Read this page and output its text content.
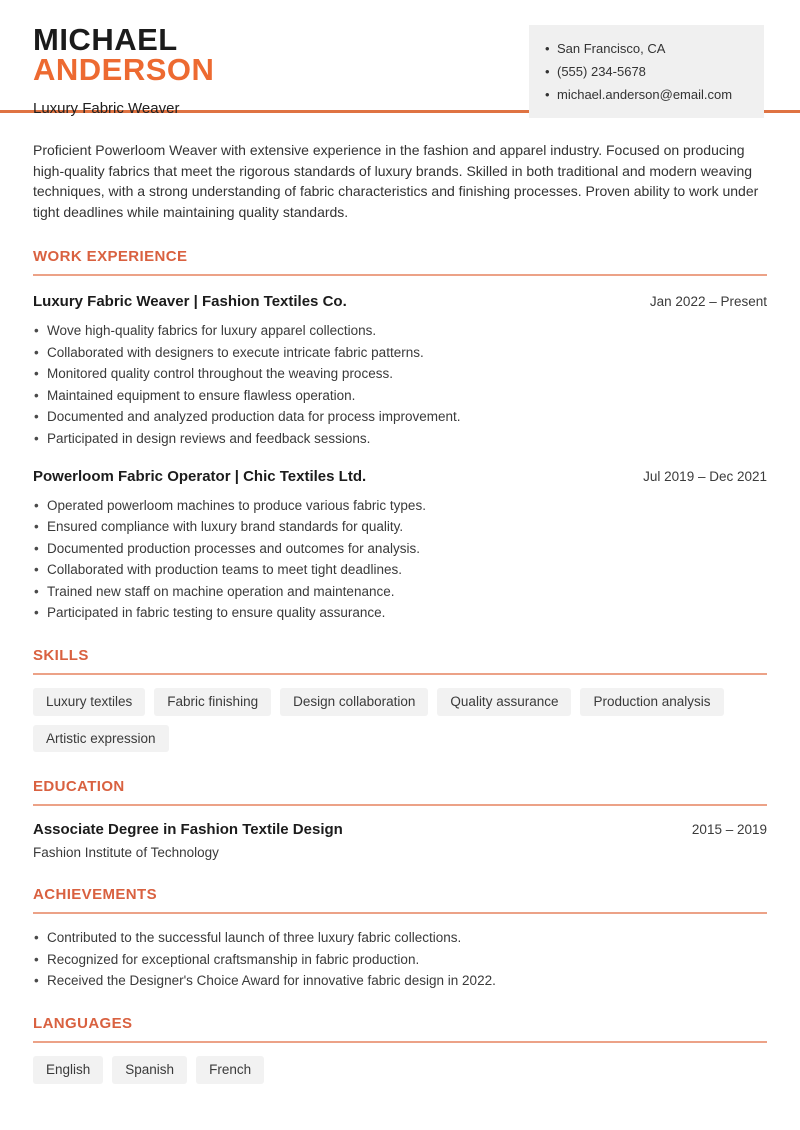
MICHAEL
ANDERSON
Luxury Fabric Weaver
• San Francisco, CA
• (555) 234-5678
• michael.anderson@email.com

Proficient Powerloom Weaver with extensive experience in the fashion and apparel industry. Focused on producing high-quality fabrics that meet the rigorous standards of luxury brands. Skilled in both traditional and modern weaving techniques, with a strong understanding of fabric characteristics and finishing processes. Proven ability to work under tight deadlines while maintaining quality standards.

WORK EXPERIENCE
Luxury Fabric Weaver | Fashion Textiles Co.	Jan 2022 – Present
• Wove high-quality fabrics for luxury apparel collections.
• Collaborated with designers to execute intricate fabric patterns.
• Monitored quality control throughout the weaving process.
• Maintained equipment to ensure flawless operation.
• Documented and analyzed production data for process improvement.
• Participated in design reviews and feedback sessions.
Powerloom Fabric Operator | Chic Textiles Ltd.	Jul 2019 – Dec 2021
• Operated powerloom machines to produce various fabric types.
• Ensured compliance with luxury brand standards for quality.
• Documented production processes and outcomes for analysis.
• Collaborated with production teams to meet tight deadlines.
• Trained new staff on machine operation and maintenance.
• Participated in fabric testing to ensure quality assurance.
SKILLS
Luxury textiles	Fabric finishing	Design collaboration	Quality assurance	Production analysis
Artistic expression
EDUCATION
Associate Degree in Fashion Textile Design	2015 – 2019
Fashion Institute of Technology
ACHIEVEMENTS
• Contributed to the successful launch of three luxury fabric collections.
• Recognized for exceptional craftsmanship in fabric production.
• Received the Designer's Choice Award for innovative fabric design in 2022.
LANGUAGES
English	Spanish	French
